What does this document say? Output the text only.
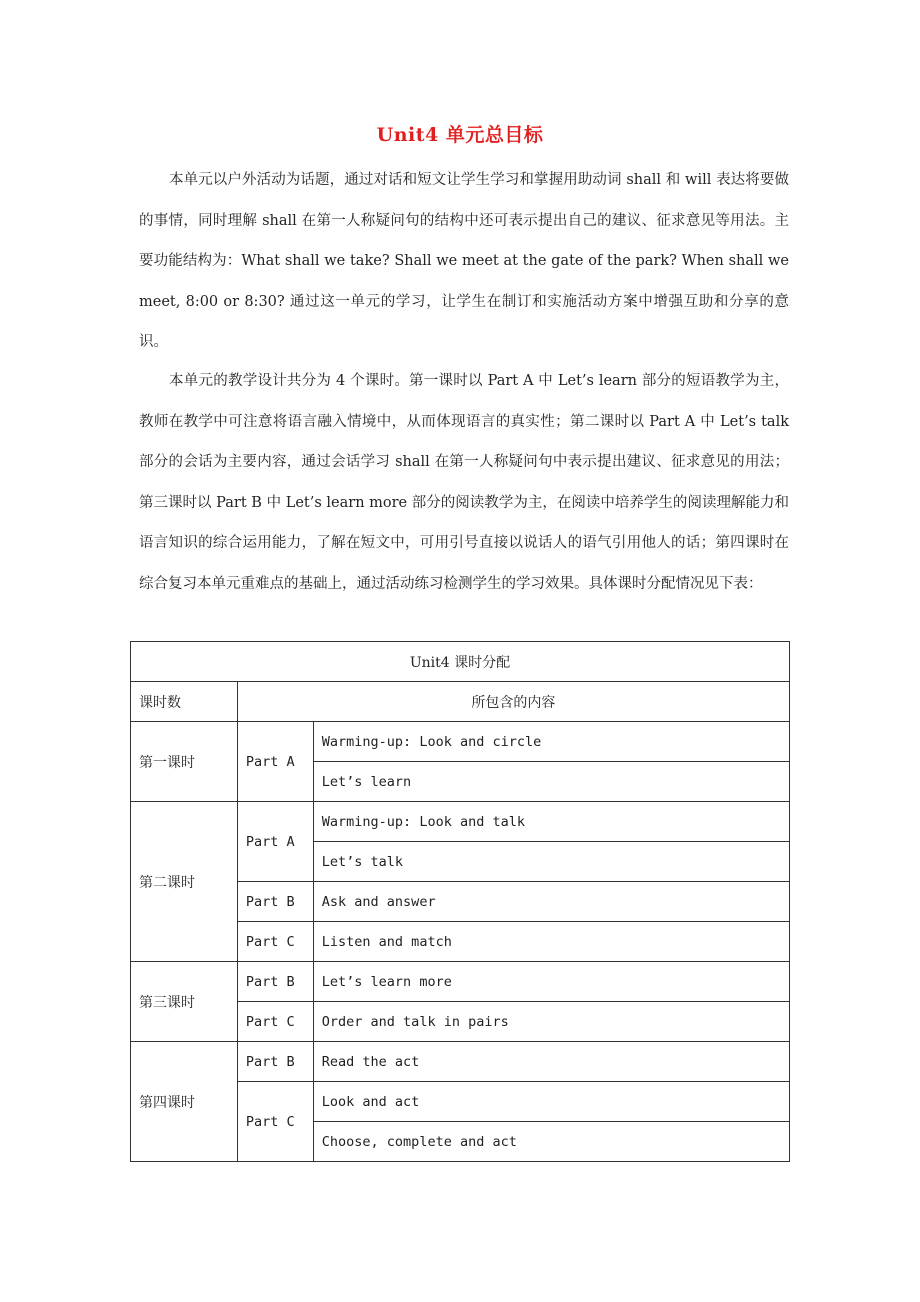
Unit4 单元总目标

本单元以户外活动为话题，通过对话和短文让学生学习和掌握用助动词 shall 和 will 表达将要做的事情，同时理解 shall 在第一人称疑问句的结构中还可表示提出自己的建议、征求意见等用法。主要功能结构为：What shall we take? Shall we meet at the gate of the park? When shall we meet, 8:00 or 8:30? 通过这一单元的学习，让学生在制订和实施活动方案中增强互助和分享的意识。

本单元的教学设计共分为 4 个课时。第一课时以 Part A 中 Let’s learn 部分的短语教学为主，教师在教学中可注意将语言融入情境中，从而体现语言的真实性；第二课时以 Part A 中 Let’s talk 部分的会话为主要内容，通过会话学习 shall 在第一人称疑问句中表示提出建议、征求意见的用法；第三课时以 Part B 中 Let’s learn more 部分的阅读教学为主，在阅读中培养学生的阅读理解能力和语言知识的综合运用能力，了解在短文中，可用引号直接以说话人的语气引用他人的话；第四课时在综合复习本单元重难点的基础上，通过活动练习检测学生的学习效果。具体课时分配情况见下表：

Unit4 课时分配		
课时数	所包含的内容	
第一课时	Part A	Warming-up: Look and circle
		Let’s learn
第二课时	Part A	Warming-up: Look and talk
		Let’s talk
	Part B	Ask and answer
	Part C	Listen and match
第三课时	Part B	Let’s learn more
	Part C	Order and talk in pairs
第四课时	Part B	Read the act
	Part C	Look and act
		Choose, complete and act
